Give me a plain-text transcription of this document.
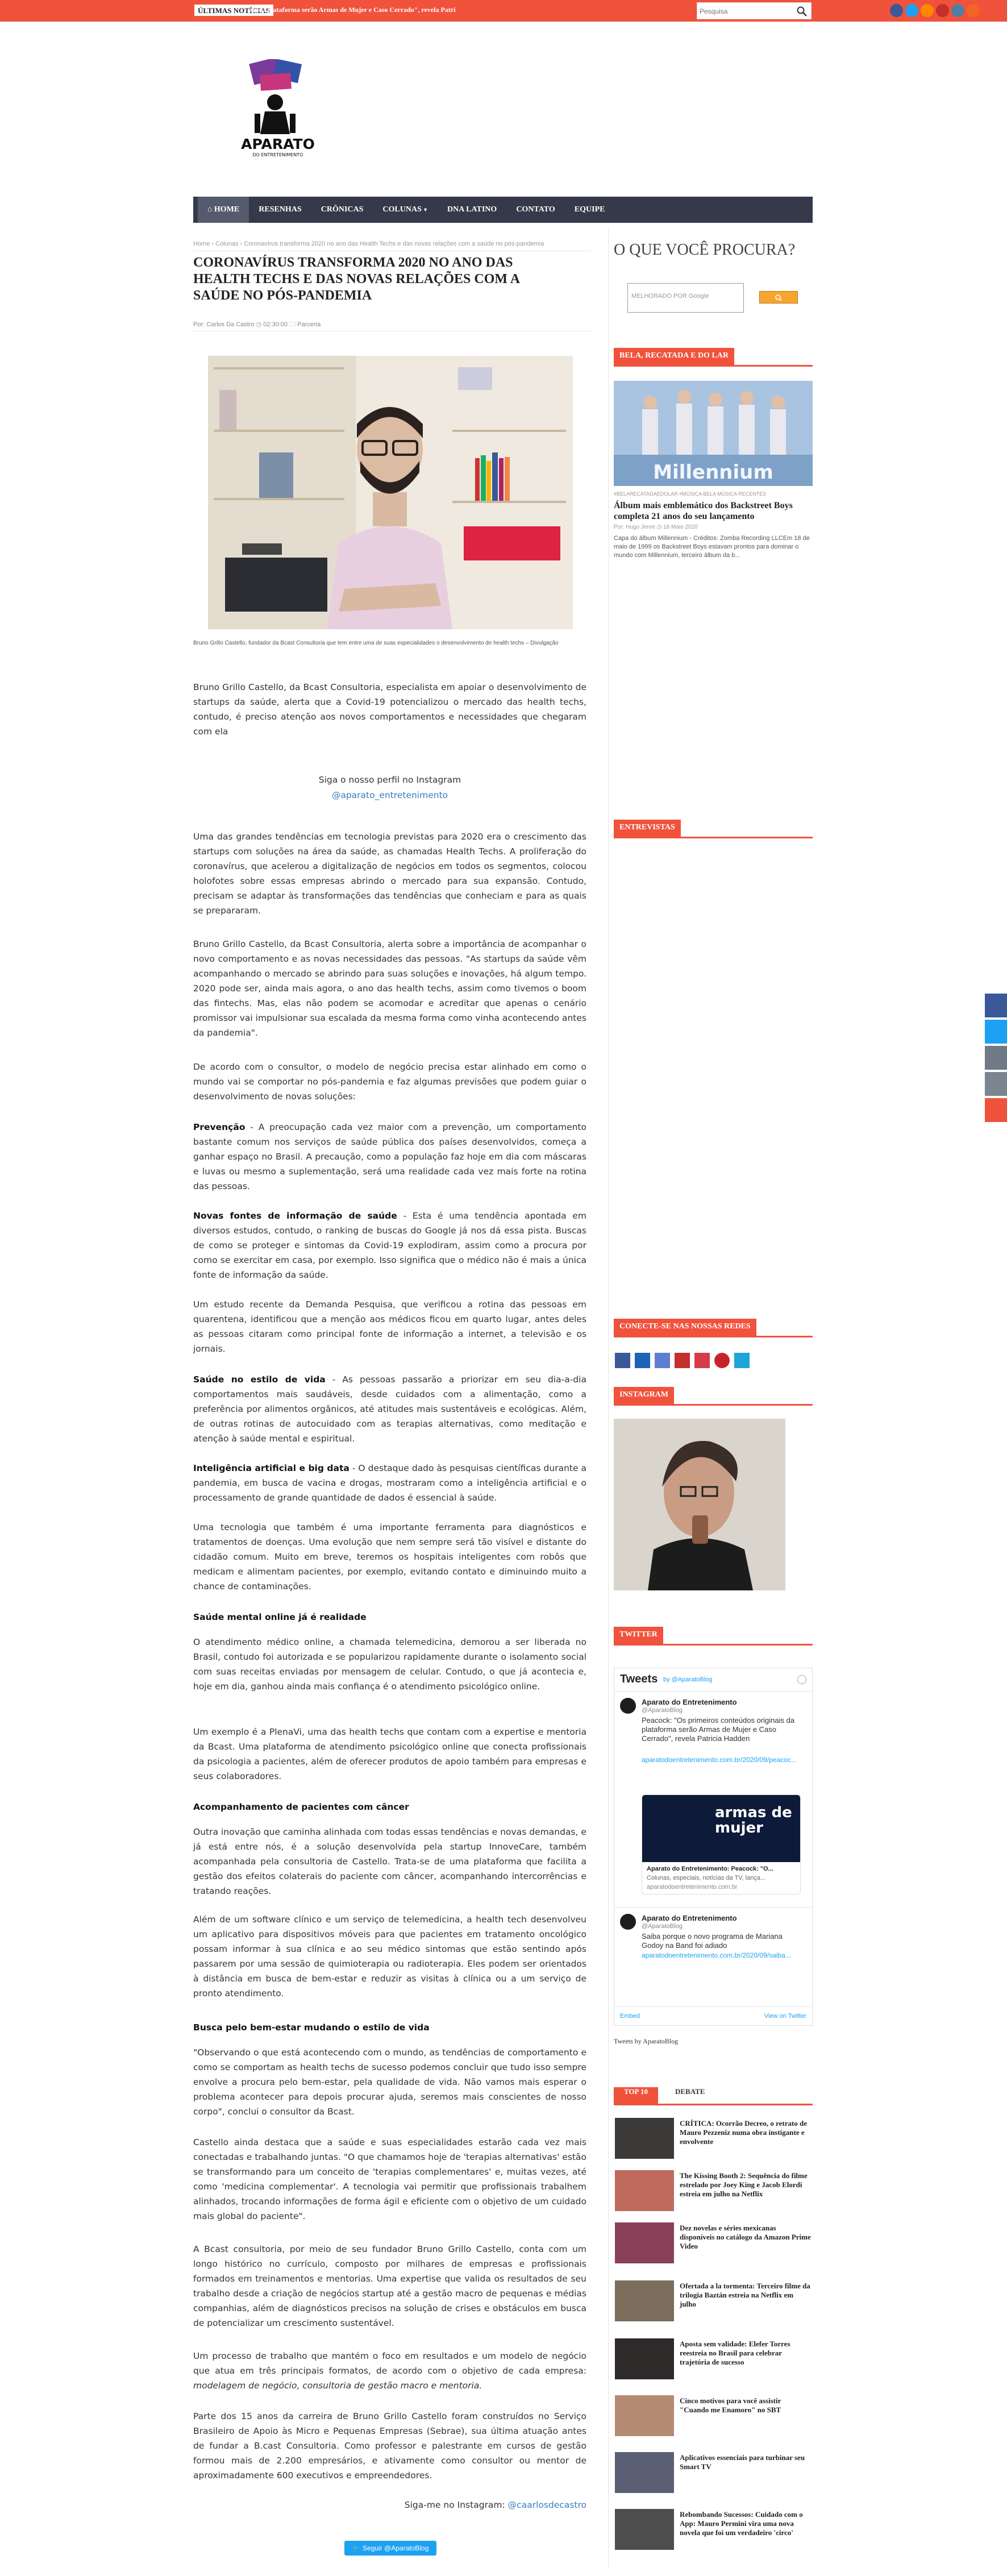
ÚLTIMAS NOTÍCIAS
ais da plataforma serão Armas de Mujer e Caso Cerrado", revela Patri
Pesquisa
APARATO
DO ENTRETENIMENTO
⌂ HOME	RESENHAS	CRÔNICAS	COLUNAS ▼	DNA LATINO	CONTATO	EQUIPE
Home › Colunas › Coronavírus transforma 2020 no ano das Health Techs e das novas relações com a saúde no pós-pandemia
CORONAVÍRUS TRANSFORMA 2020 NO ANO DAS HEALTH TECHS E DAS NOVAS RELAÇÕES COM A SAÚDE NO PÓS-PANDEMIA
Por: Carlos Da Castro ◷ 02:30:00 🗀 Parceria
Bruno Grillo Castello, fundador da Bcast Consultoria que tem entre uma de suas especialidades o desenvolvimento de health techs – Divulgação

Bruno Grillo Castello, da Bcast Consultoria, especialista em apoiar o desenvolvimento de startups da saúde, alerta que a Covid-19 potencializou o mercado das health techs, contudo, é preciso atenção aos novos comportamentos e necessidades que chegaram com ela

Siga o nosso perfil no Instagram

@aparato_entretenimento

Uma das grandes tendências em tecnologia previstas para 2020 era o crescimento das startups com soluções na área da saúde, as chamadas Health Techs. A proliferação do coronavírus, que acelerou a digitalização de negócios em todos os segmentos, colocou holofotes sobre essas empresas abrindo o mercado para sua expansão. Contudo, precisam se adaptar às transformações das tendências que conheciam e para as quais se prepararam.

Bruno Grillo Castello, da Bcast Consultoria, alerta sobre a importância de acompanhar o novo comportamento e as novas necessidades das pessoas. "As startups da saúde vêm acompanhando o mercado se abrindo para suas soluções e inovações, há algum tempo. 2020 pode ser, ainda mais agora, o ano das health techs, assim como tivemos o boom das fintechs. Mas, elas não podem se acomodar e acreditar que apenas o cenário promissor vai impulsionar sua escalada da mesma forma como vinha acontecendo antes da pandemia".

De acordo com o consultor, o modelo de negócio precisa estar alinhado em como o mundo vai se comportar no pós-pandemia e faz algumas previsões que podem guiar o desenvolvimento de novas soluções:

Prevenção - A preocupação cada vez maior com a prevenção, um comportamento bastante comum nos serviços de saúde pública dos países desenvolvidos, começa a ganhar espaço no Brasil. A precaução, como a população faz hoje em dia com máscaras e luvas ou mesmo a suplementação, será uma realidade cada vez mais forte na rotina das pessoas.

Novas fontes de informação de saúde - Esta é uma tendência apontada em diversos estudos, contudo, o ranking de buscas do Google já nos dá essa pista. Buscas de como se proteger e sintomas da Covid-19 explodiram, assim como a procura por como se exercitar em casa, por exemplo. Isso significa que o médico não é mais a única fonte de informação da saúde.

Um estudo recente da Demanda Pesquisa, que verificou a rotina das pessoas em quarentena, identificou que a menção aos médicos ficou em quarto lugar, antes deles as pessoas citaram como principal fonte de informação a internet, a televisão e os jornais.

Saúde no estilo de vida - As pessoas passarão a priorizar em seu dia-a-dia comportamentos mais saudáveis, desde cuidados com a alimentação, como a preferência por alimentos orgânicos, até atitudes mais sustentáveis e ecológicas. Além, de outras rotinas de autocuidado com as terapias alternativas, como meditação e atenção à saúde mental e espiritual.

Inteligência artificial e big data - O destaque dado às pesquisas científicas durante a pandemia, em busca de vacina e drogas, mostraram como a inteligência artificial e o processamento de grande quantidade de dados é essencial à saúde.

Uma tecnologia que também é uma importante ferramenta para diagnósticos e tratamentos de doenças. Uma evolução que nem sempre será tão visível e distante do cidadão comum. Muito em breve, teremos os hospitais inteligentes com robôs que medicam e alimentam pacientes, por exemplo, evitando contato e diminuindo muito a chance de contaminações.

Saúde mental online já é realidade

O atendimento médico online, a chamada telemedicina, demorou a ser liberada no Brasil, contudo foi autorizada e se popularizou rapidamente durante o isolamento social com suas receitas enviadas por mensagem de celular. Contudo, o que já acontecia e, hoje em dia, ganhou ainda mais confiança é o atendimento psicológico online.

Um exemplo é a PlenaVi, uma das health techs que contam com a expertise e mentoria da Bcast. Uma plataforma de atendimento psicológico online que conecta profissionais da psicologia a pacientes, além de oferecer produtos de apoio também para empresas e seus colaboradores.

Acompanhamento de pacientes com câncer

Outra inovação que caminha alinhada com todas essas tendências e novas demandas, e já está entre nós, é a solução desenvolvida pela startup InnoveCare, também acompanhada pela consultoria de Castello. Trata-se de uma plataforma que facilita a gestão dos efeitos colaterais do paciente com câncer, acompanhando intercorrências e tratando reações.

Além de um software clínico e um serviço de telemedicina, a health tech desenvolveu um aplicativo para dispositivos móveis para que pacientes em tratamento oncológico possam informar à sua clínica e ao seu médico sintomas que estão sentindo após passarem por uma sessão de quimioterapia ou radioterapia. Eles podem ser orientados à distância em busca de bem-estar e reduzir as visitas à clínica ou a um serviço de pronto atendimento.

Busca pelo bem-estar mudando o estilo de vida

"Observando o que está acontecendo com o mundo, as tendências de comportamento e como se comportam as health techs de sucesso podemos concluir que tudo isso sempre envolve a procura pelo bem-estar, pela qualidade de vida. Não vamos mais esperar o problema acontecer para depois procurar ajuda, seremos mais conscientes de nosso corpo", conclui o consultor da Bcast.

Castello ainda destaca que a saúde e suas especialidades estarão cada vez mais conectadas e trabalhando juntas. "O que chamamos hoje de 'terapias alternativas' estão se transformando para um conceito de 'terapias complementares' e, muitas vezes, até como 'medicina complementar'. A tecnologia vai permitir que profissionais trabalhem alinhados, trocando informações de forma ágil e eficiente com o objetivo de um cuidado mais global do paciente".

A Bcast consultoria, por meio de seu fundador Bruno Grillo Castello, conta com um longo histórico no currículo, composto por milhares de empresas e profissionais formados em treinamentos e mentorias. Uma expertise que valida os resultados de seu trabalho desde a criação de negócios startup até a gestão macro de pequenas e médias companhias, além de diagnósticos precisos na solução de crises e obstáculos em busca de potencializar um crescimento sustentável.

Um processo de trabalho que mantém o foco em resultados e um modelo de negócio que atua em três principais formatos, de acordo com o objetivo de cada empresa: modelagem de negócio, consultoria de gestão macro e mentoria.

Parte dos 15 anos da carreira de Bruno Grillo Castello foram construídos no Serviço Brasileiro de Apoio às Micro e Pequenas Empresas (Sebrae), sua última atuação antes de fundar a B.cast Consultoria. Como professor e palestrante em cursos de gestão formou mais de 2.200 empresários, e ativamente como consultor ou mentor de aproximadamente 600 executivos e empreendedores.

Siga-me no Instagram: @caarlosdecastro

🐦 Seguir @AparatoBlog
O QUE VOCÊ PROCURA?
MELHORADO POR Google
BELA, RECATADA E DO LAR
Millennium
#BELARECATADAEDOLAR #MÚSICA BELA MÚSICA RECENTES
Álbum mais emblemático dos Backstreet Boys completa 21 anos do seu lançamento
Por: Hugo Jenre ◷ 18 Maio 2020
Capa do álbum Millennium - Créditos: Zomba Recording LLCEm 18 de maio de 1999 os Backstreet Boys estavam prontos para dominar o mundo com Millennium, terceiro álbum da b...
ENTREVISTAS
CONECTE-SE NAS NOSSAS REDES
INSTAGRAM
TWITTER
Tweets by @AparatoBlog
Aparato do Entretenimento
@AparatoBlog
Peacock: "Os primeiros conteúdos originais da plataforma serão Armas de Mujer e Caso Cerrado", revela Patricia Hadden
aparatodoentretenimento.com.br/2020/09/peacoc...
armas de mujer
Aparato do Entretenimento: Peacock: "O...
Colunas, especiais, notícias da TV, lança...
aparatodoentretenimento.com.br
Aparato do Entretenimento
@AparatoBlog
Saiba porque o novo programa de Mariana Godoy na Band foi adiado
aparatodoentretenimento.com.br/2020/09/saiba...
Embed	View on Twitter
Tweets by AparatoBlog
TOP 10	DEBATE
CRÍTICA: Ocorrão Decreo, o retrato de Mauro Pezzeniz numa obra instigante e envolvente
The Kissing Booth 2: Sequência do filme estrelado por Joey King e Jacob Elordi estreia em julho na Netflix
Dez novelas e séries mexicanas disponíveis no catálogo da Amazon Prime Video
Ofertada a la tormenta: Terceiro filme da trilogia Baztán estreia na Netflix em julho
Aposta sem validade: Elefer Torres reestreia no Brasil para celebrar trajetória de sucesso
Cinco motivos para você assistir "Cuando me Enamoro" no SBT
Aplicativos essenciais para turbinar seu Smart TV
Rebombando Sucessos: Cuidado com o App: Mauro Permini vira uma nova novela que foi um verdadeiro 'circo'
